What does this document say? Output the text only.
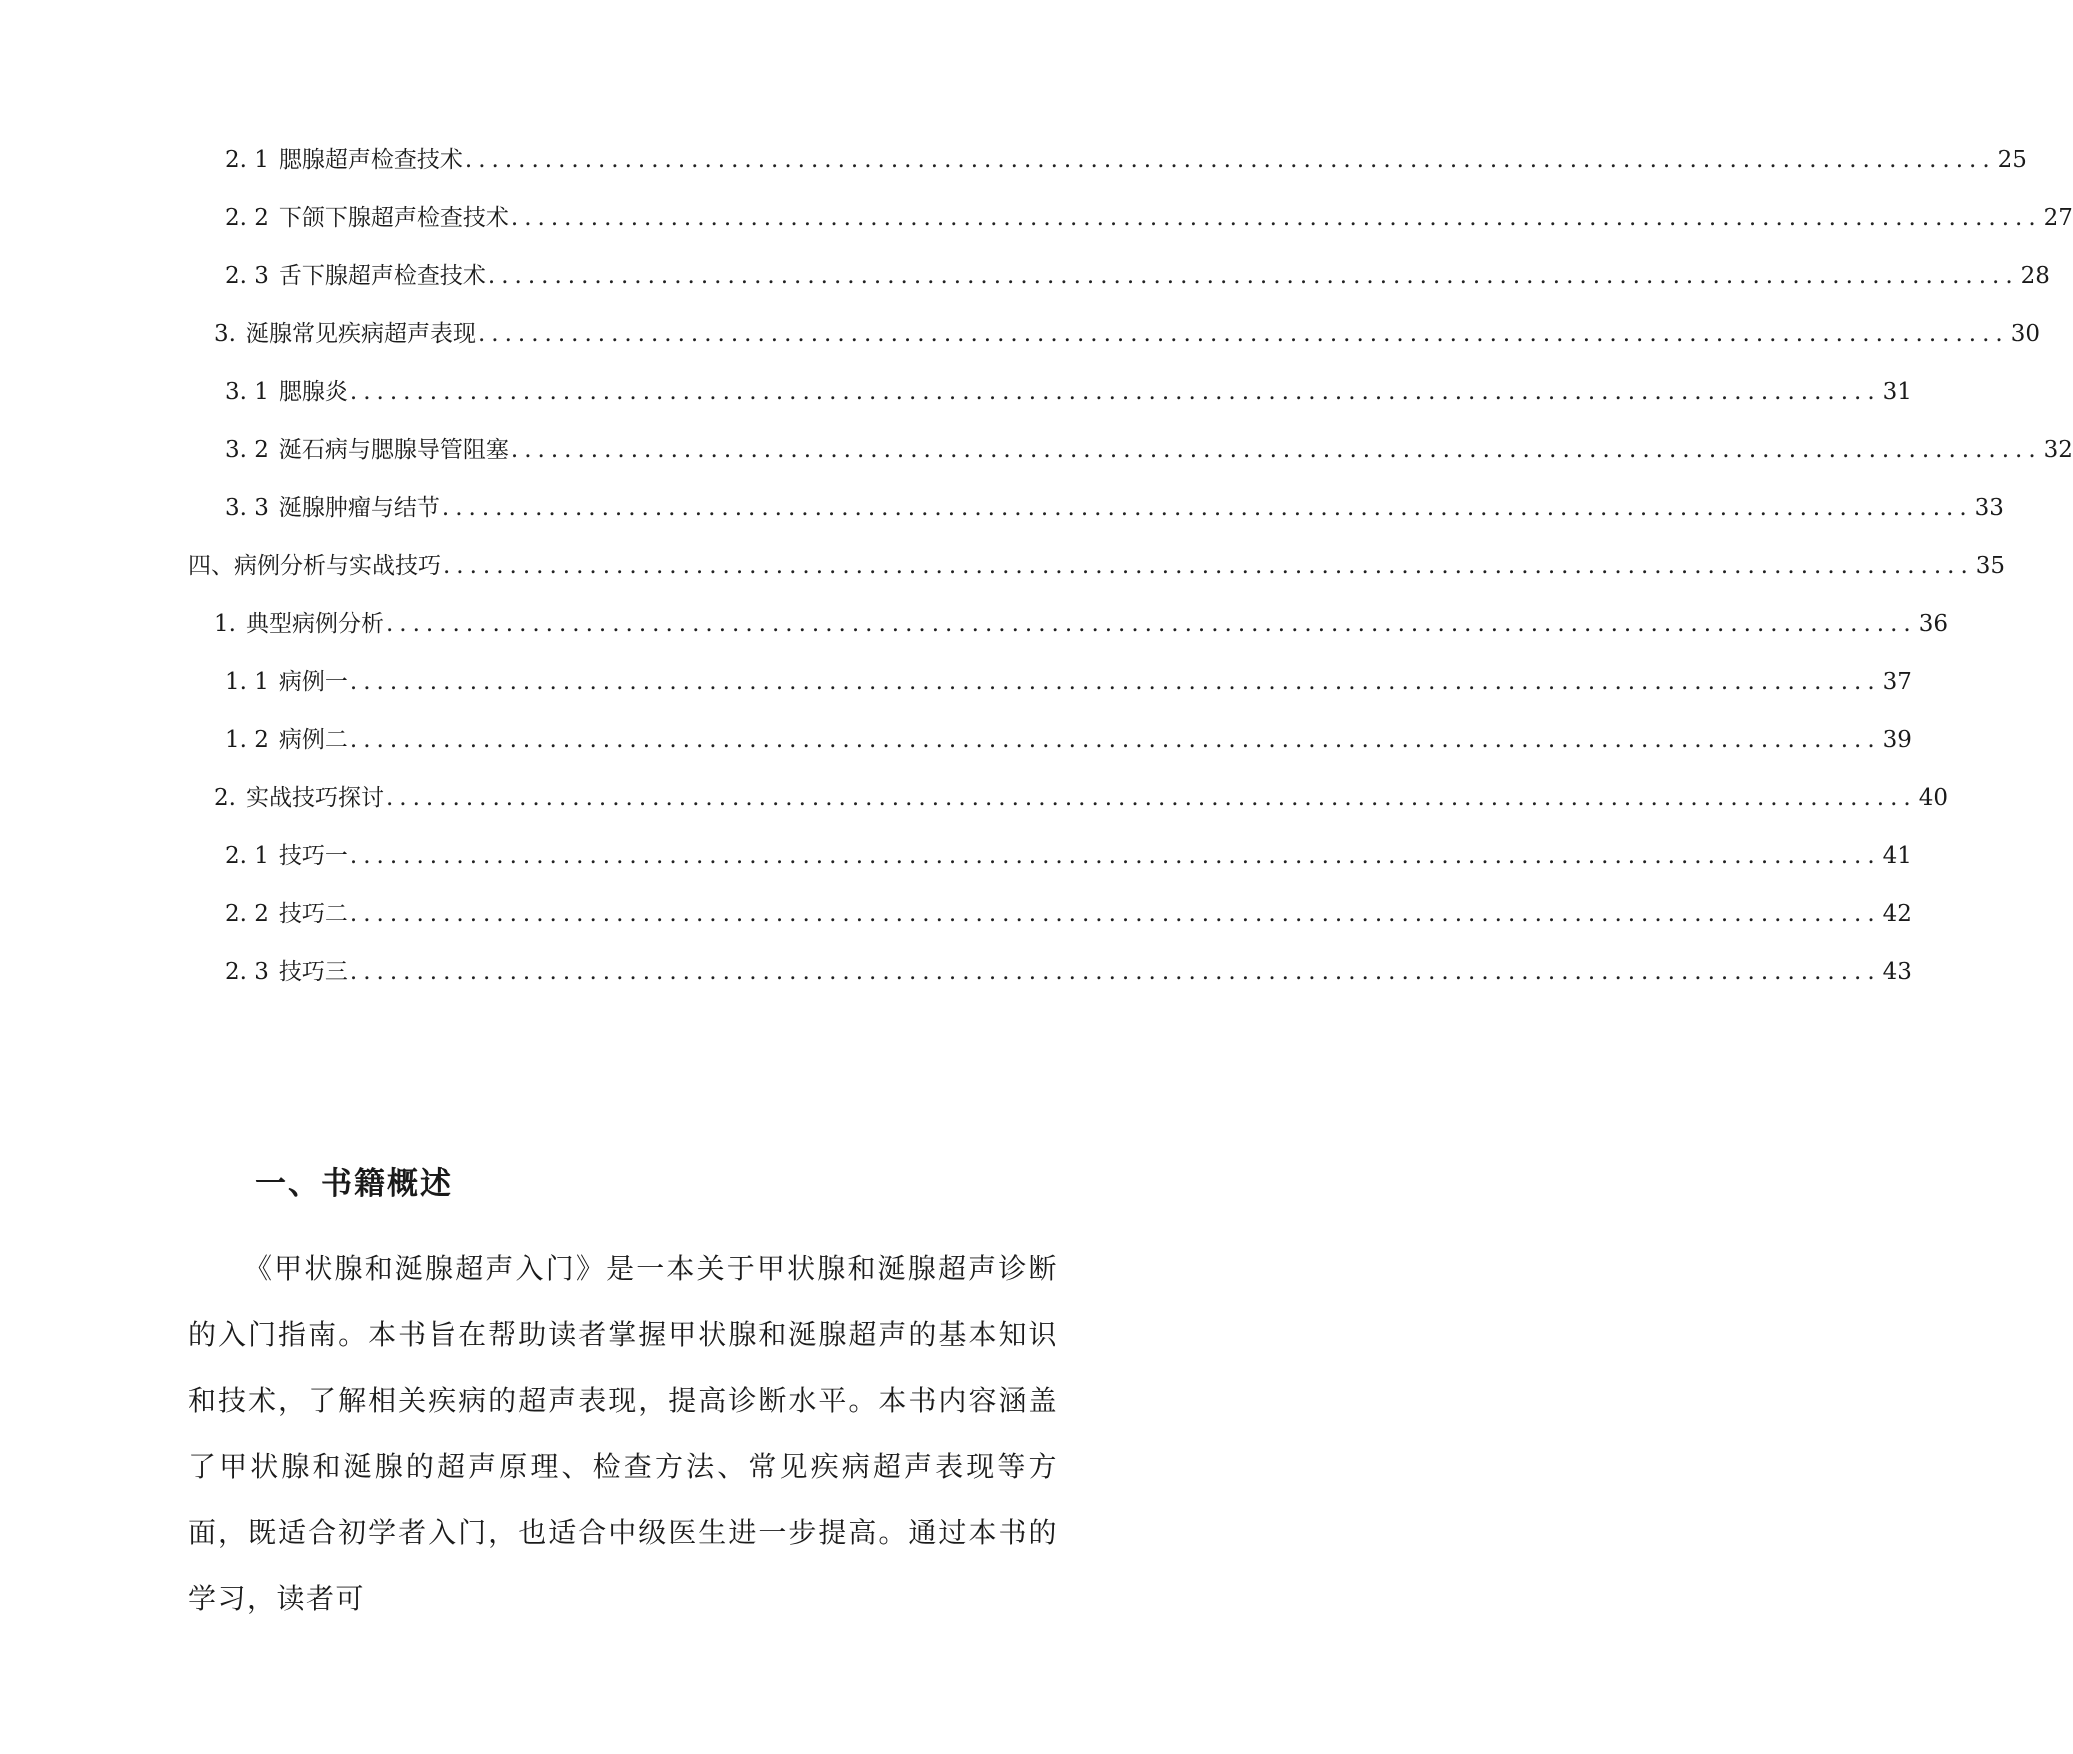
2. 1 腮腺超声检查技术 ................................................................................................................... 25
2. 2 下颌下腺超声检查技术 ................................................................................................................... 27
2. 3 舌下腺超声检查技术 ................................................................................................................... 28
3. 涎腺常见疾病超声表现 ................................................................................................................... 30
3. 1 腮腺炎 ................................................................................................................... 31
3. 2 涎石病与腮腺导管阻塞 ................................................................................................................... 32
3. 3 涎腺肿瘤与结节 ................................................................................................................... 33
四、病例分析与实战技巧 ................................................................................................................... 35
1. 典型病例分析 ................................................................................................................... 36
1. 1 病例一 ................................................................................................................... 37
1. 2 病例二 ................................................................................................................... 39
2. 实战技巧探讨 ................................................................................................................... 40
2. 1 技巧一 ................................................................................................................... 41
2. 2 技巧二 ................................................................................................................... 42
2. 3 技巧三 ................................................................................................................... 43
一、书籍概述

《甲状腺和涎腺超声入门》是一本关于甲状腺和涎腺超声诊断的入门指南。本书旨在帮助读者掌握甲状腺和涎腺超声的基本知识和技术，了解相关疾病的超声表现，提高诊断水平。本书内容涵盖了甲状腺和涎腺的超声原理、检查方法、常见疾病超声表现等方面，既适合初学者入门，也适合中级医生进一步提高。通过本书的学习，读者可
